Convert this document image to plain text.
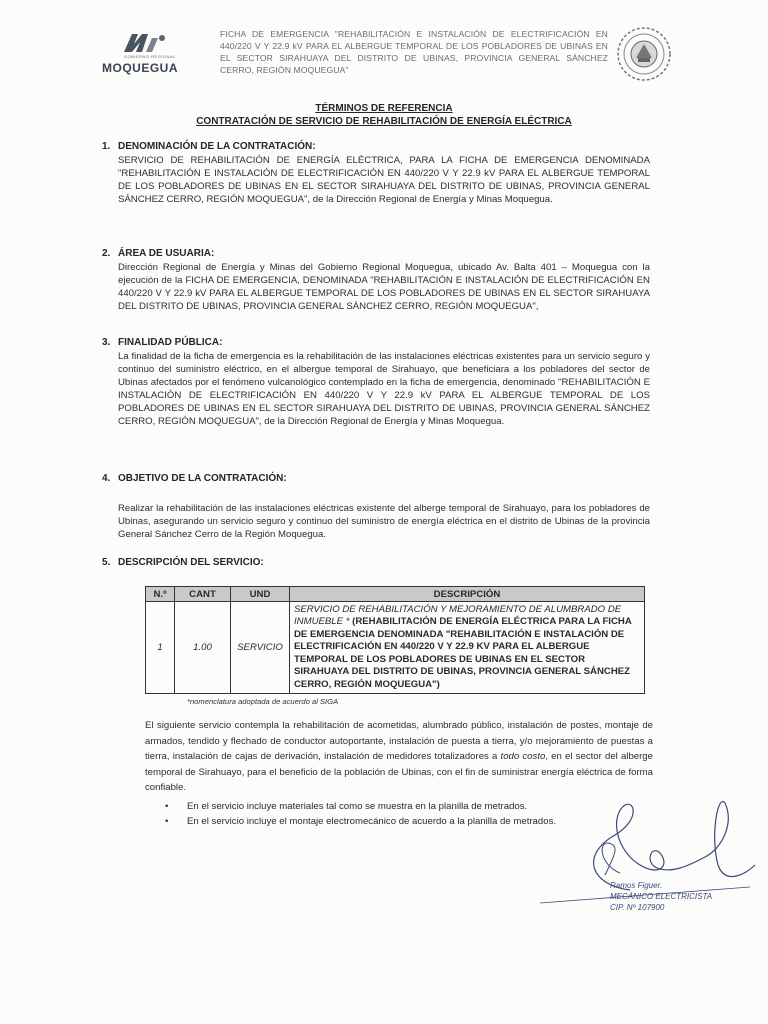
GOBIERNO REGIONAL
MOQUEGUA
FICHA DE EMERGENCIA "REHABILITACIÓN E INSTALACIÓN DE ELECTRIFICACIÓN EN 440/220 V Y 22.9 kV PARA EL ALBERGUE TEMPORAL DE LOS POBLADORES DE UBINAS EN EL SECTOR SIRAHUAYA DEL DISTRITO DE UBINAS, PROVINCIA GENERAL SÁNCHEZ CERRO, REGIÓN MOQUEGUA"
TÉRMINOS DE REFERENCIA
CONTRATACIÓN DE SERVICIO DE REHABILITACIÓN DE ENERGÍA ELÉCTRICA
1. DENOMINACIÓN DE LA CONTRATACIÓN:
SERVICIO DE REHABILITACIÓN DE ENERGÍA ELÉCTRICA, PARA LA FICHA DE EMERGENCIA DENOMINADA "REHABILITACIÓN E INSTALACIÓN DE ELECTRIFICACIÓN EN 440/220 V Y 22.9 kV PARA EL ALBERGUE TEMPORAL DE LOS POBLADORES DE UBINAS EN EL SECTOR SIRAHUAYA DEL DISTRITO DE UBINAS, PROVINCIA GENERAL SÁNCHEZ CERRO, REGIÓN MOQUEGUA", de la Dirección Regional de Energía y Minas Moquegua.
2. ÁREA DE USUARIA:
Dirección Regional de Energía y Minas del Gobierno Regional Moquegua, ubicado Av. Balta 401 – Moquegua con la ejecución de la FICHA DE EMERGENCIA, DENOMINADA "REHABILITACIÓN E INSTALACIÓN DE ELECTRIFICACIÓN EN 440/220 V Y 22.9 kV PARA EL ALBERGUE TEMPORAL DE LOS POBLADORES DE UBINAS EN EL SECTOR SIRAHUAYA DEL DISTRITO DE UBINAS, PROVINCIA GENERAL SÁNCHEZ CERRO, REGIÓN MOQUEGUA",
3. FINALIDAD PÚBLICA:
La finalidad de la ficha de emergencia es la rehabilitación de las instalaciones eléctricas existentes para un servicio seguro y continuo del suministro eléctrico, en el albergue temporal de Sirahuayo, que beneficiara a los pobladores del sector de Ubinas afectados por el fenómeno vulcanológico contemplado en la ficha de emergencia, denominado "REHABILITACIÓN E INSTALACIÓN DE ELECTRIFICACIÓN EN 440/220 V Y 22.9 kV PARA EL ALBERGUE TEMPORAL DE LOS POBLADORES DE UBINAS EN EL SECTOR SIRAHUAYA DEL DISTRITO DE UBINAS, PROVINCIA GENERAL SÁNCHEZ CERRO, REGIÓN MOQUEGUA", de la Dirección Regional de Energía y Minas Moquegua.
4. OBJETIVO DE LA CONTRATACIÓN:
Realizar la rehabilitación de las instalaciones eléctricas existente del alberge temporal de Sirahuayo, para los pobladores de Ubinas, asegurando un servicio seguro y continuo del suministro de energía eléctrica en el distrito de Ubinas de la provincia General Sánchez Cerro de la Región Moquegua.
5. DESCRIPCIÓN DEL SERVICIO:
N.º	CANT	UND	DESCRIPCIÓN
1	1.00	SERVICIO	SERVICIO DE REHABILITACIÓN Y MEJORAMIENTO DE ALUMBRADO DE INMUEBLE * (REHABILITACIÓN DE ENERGÍA ELÉCTRICA PARA LA FICHA DE EMERGENCIA DENOMINADA "REHABILITACIÓN E INSTALACIÓN DE ELECTRIFICACIÓN EN 440/220 V Y 22.9 KV PARA EL ALBERGUE TEMPORAL DE LOS POBLADORES DE UBINAS EN EL SECTOR SIRAHUAYA DEL DISTRITO DE UBINAS, PROVINCIA GENERAL SÁNCHEZ CERRO, REGIÓN MOQUEGUA")
*nomenclatura adoptada de acuerdo al SIGA
El siguiente servicio contempla la rehabilitación de acometidas, alumbrado público, instalación de postes, montaje de armados, tendido y flechado de conductor autoportante, instalación de puesta a tierra, y/o mejoramiento de puestas a tierra, instalación de cajas de derivación, instalación de medidores totalizadores a todo costo, en el sector del alberge temporal de Sirahuayo, para el beneficio de la población de Ubinas, con el fin de suministrar energía eléctrica de forma confiable.
• En el servicio incluye materiales tal como se muestra en la planilla de metrados.
• En el servicio incluye el montaje electromecánico de acuerdo a la planilla de metrados.
Ramos Figuer.
MECÁNICO ELECTRICISTA
CIP. Nº 107900
